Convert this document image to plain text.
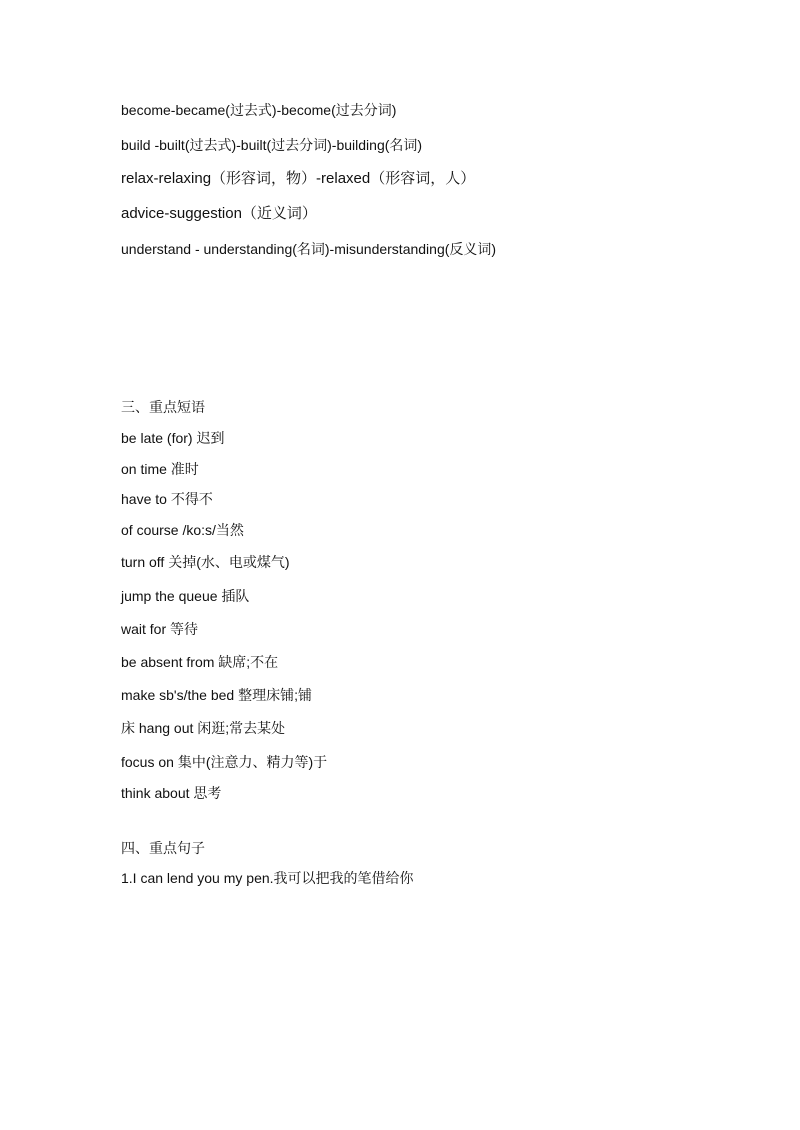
become-became(过去式)-become(过去分词)
build -built(过去式)-built(过去分词)-building(名词)
relax-relaxing（形容词，物）-relaxed（形容词，人）
advice-suggestion（近义词）
understand - understanding(名词)-misunderstanding(反义词)
三、重点短语
be late (for) 迟到
on time 准时
have to 不得不
of course /ko:s/当然
turn off 关掉(水、电或煤气)
jump the queue 插队
wait for 等待
be absent from 缺席;不在
make sb's/the bed 整理床铺;铺
床 hang out 闲逛;常去某处
focus on 集中(注意力、精力等)于
think about 思考
四、重点句子
1.I can lend you my pen.我可以把我的笔借给你
